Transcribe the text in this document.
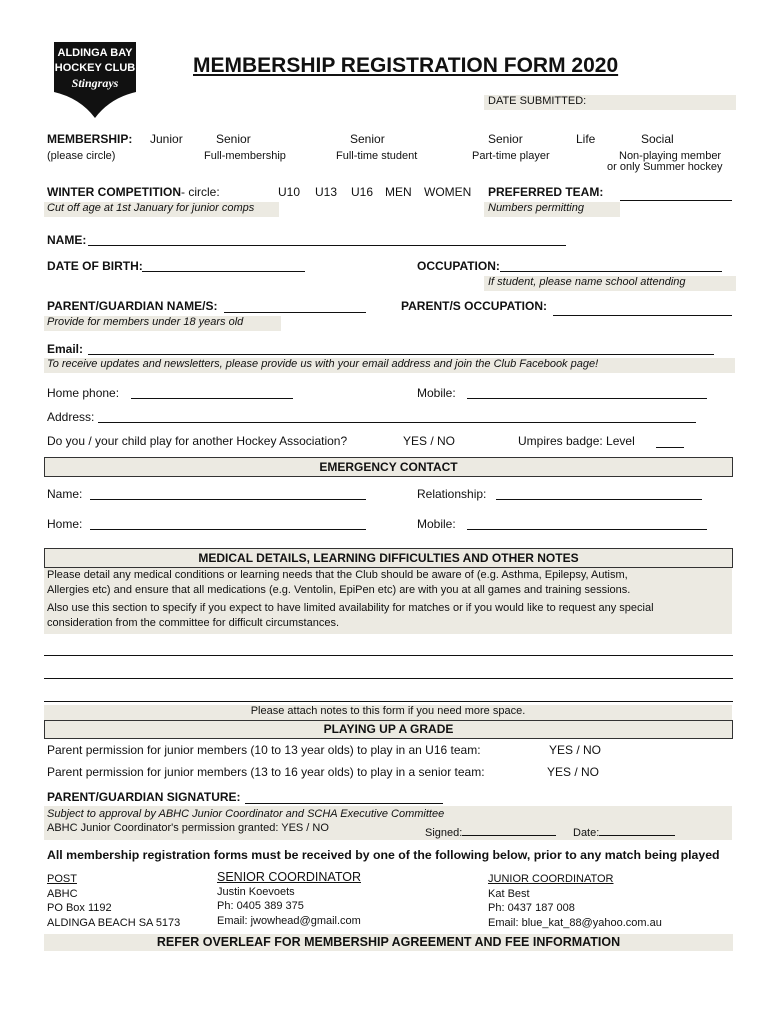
ALDINGA BAY
HOCKEY CLUB
Stingrays
MEMBERSHIP REGISTRATION FORM 2020
DATE SUBMITTED:
MEMBERSHIP:
(please circle)
Junior	Senior
Full-membership
Senior
Full-time student
Senior
Part-time player
Life	Social
Non-playing member
or only Summer hockey
WINTER COMPETITION- circle:	U10 U13 U16 MEN WOMEN
Cut off age at 1st January for junior comps
PREFERRED TEAM:
Numbers permitting
NAME:
DATE OF BIRTH:	OCCUPATION:
If student, please name school attending
PARENT/GUARDIAN NAME/S:
Provide for members under 18 years old
PARENT/S OCCUPATION:
Email:
To receive updates and newsletters, please provide us with your email address and join the Club Facebook page!
Home phone:	Mobile:
Address:
Do you / your child play for another Hockey Association?	YES / NO	Umpires badge: Level
EMERGENCY CONTACT
Name:	Relationship:
Home:	Mobile:
MEDICAL DETAILS, LEARNING DIFFICULTIES AND OTHER NOTES
Please detail any medical conditions or learning needs that the Club should be aware of (e.g. Asthma, Epilepsy, Autism,
Allergies etc) and ensure that all medications (e.g. Ventolin, EpiPen etc) are with you at all games and training sessions.
Also use this section to specify if you expect to have limited availability for matches or if you would like to request any special
consideration from the committee for difficult circumstances.
Please attach notes to this form if you need more space.
PLAYING UP A GRADE
Parent permission for junior members (10 to 13 year olds) to play in an U16 team:	YES / NO
Parent permission for junior members (13 to 16 year olds) to play in a senior team:	YES / NO
PARENT/GUARDIAN SIGNATURE:
Subject to approval by ABHC Junior Coordinator and SCHA Executive Committee
ABHC Junior Coordinator's permission granted: YES / NO	Signed:	Date:
All membership registration forms must be received by one of the following below, prior to any match being played
POST
ABHC
PO Box 1192
ALDINGA BEACH SA 5173
SENIOR COORDINATOR
Justin Koevoets
Ph: 0405 389 375
Email: jwowhead@gmail.com
JUNIOR COORDINATOR
Kat Best
Ph: 0437 187 008
Email: blue_kat_88@yahoo.com.au
REFER OVERLEAF FOR MEMBERSHIP AGREEMENT AND FEE INFORMATION
